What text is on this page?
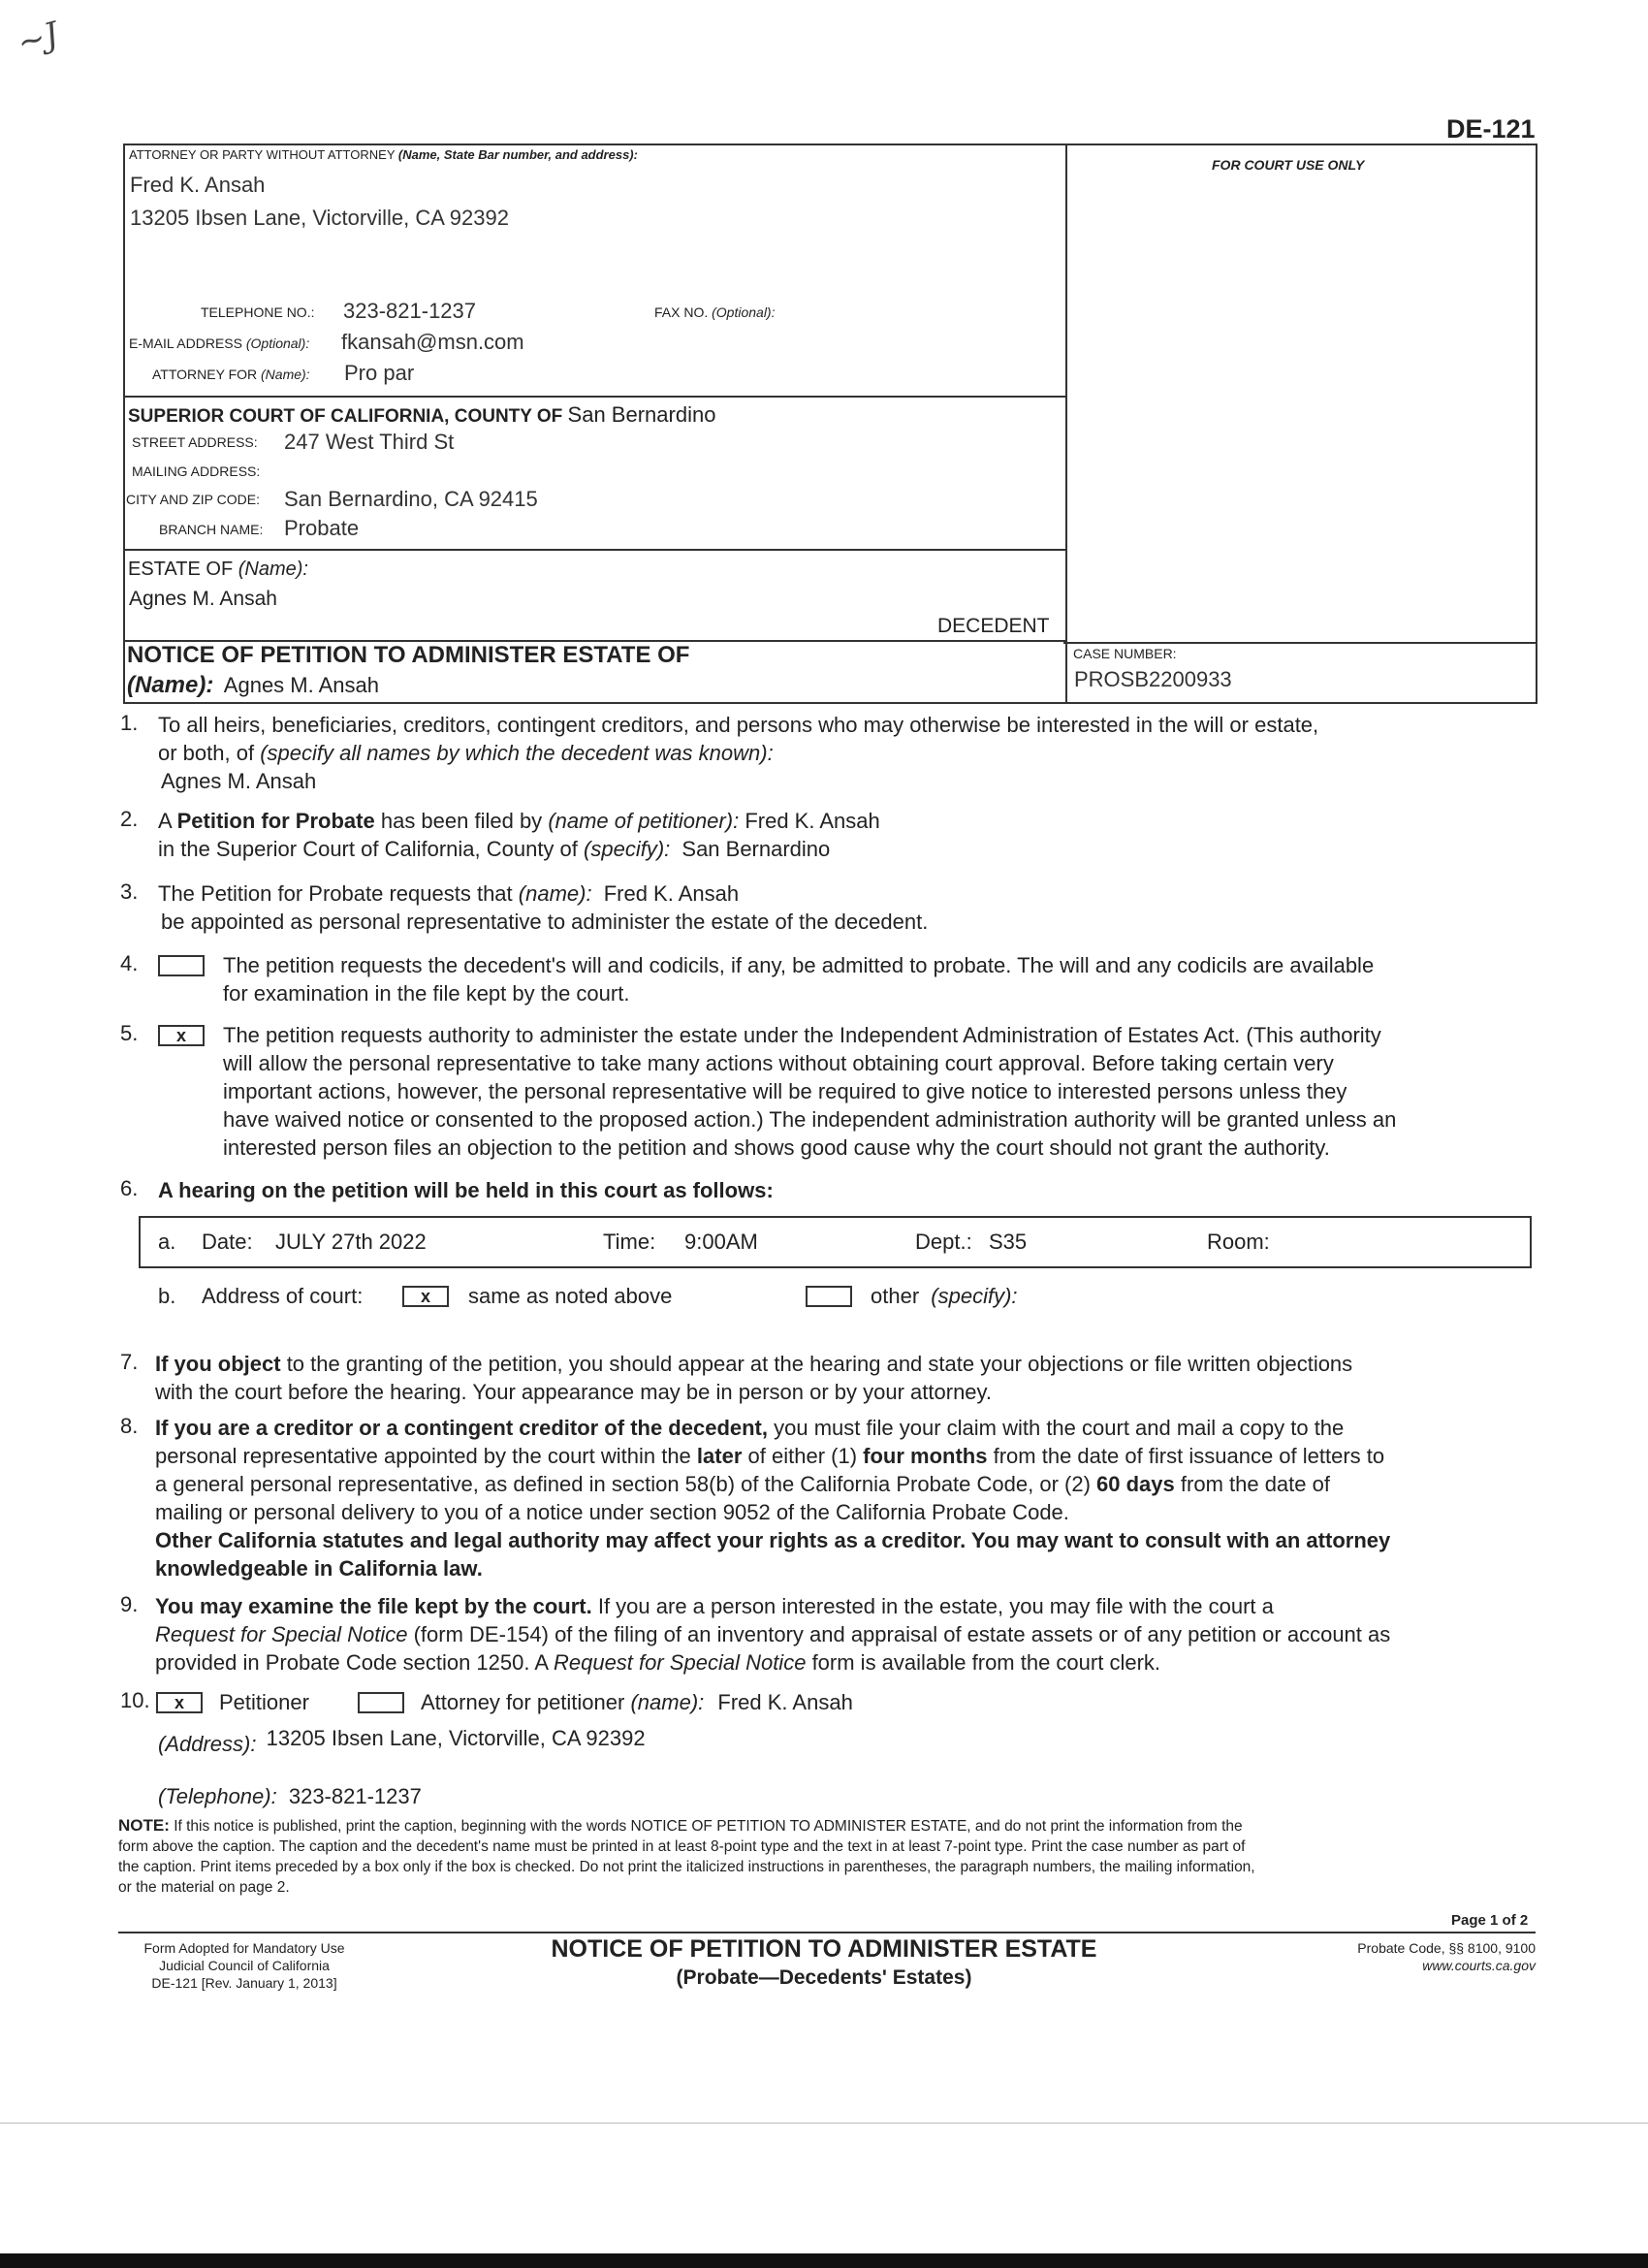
~J
DE-121
ATTORNEY OR PARTY WITHOUT ATTORNEY (Name, State Bar number, and address):
Fred K. Ansah
13205 Ibsen Lane, Victorville, CA 92392
TELEPHONE NO.: 323-821-1237	FAX NO. (Optional):
E-MAIL ADDRESS (Optional): fkansah@msn.com
ATTORNEY FOR (Name): Pro par
SUPERIOR COURT OF CALIFORNIA, COUNTY OF San Bernardino
STREET ADDRESS: 247 West Third St
MAILING ADDRESS:
CITY AND ZIP CODE: San Bernardino, CA 92415
BRANCH NAME: Probate
ESTATE OF (Name):
Agnes M. Ansah
DECEDENT
FOR COURT USE ONLY
NOTICE OF PETITION TO ADMINISTER ESTATE OF
(Name): Agnes M. Ansah
CASE NUMBER:
PROSB2200933
1. To all heirs, beneficiaries, creditors, contingent creditors, and persons who may otherwise be interested in the will or estate,
or both, of (specify all names by which the decedent was known):
Agnes M. Ansah
2. A Petition for Probate has been filed by (name of petitioner): Fred K. Ansah
in the Superior Court of California, County of (specify): San Bernardino
3. The Petition for Probate requests that (name): Fred K. Ansah
be appointed as personal representative to administer the estate of the decedent.
4.	The petition requests the decedent's will and codicils, if any, be admitted to probate. The will and any codicils are available
for examination in the file kept by the court.
5.	x	The petition requests authority to administer the estate under the Independent Administration of Estates Act. (This authority
will allow the personal representative to take many actions without obtaining court approval. Before taking certain very
important actions, however, the personal representative will be required to give notice to interested persons unless they
have waived notice or consented to the proposed action.) The independent administration authority will be granted unless an
interested person files an objection to the petition and shows good cause why the court should not grant the authority.
6. A hearing on the petition will be held in this court as follows:
a. Date: JULY 27th 2022	Time: 9:00AM	Dept.: S35	Room:
b. Address of court:	x	same as noted above	other (specify):
7. If you object to the granting of the petition, you should appear at the hearing and state your objections or file written objections
with the court before the hearing. Your appearance may be in person or by your attorney.
8. If you are a creditor or a contingent creditor of the decedent, you must file your claim with the court and mail a copy to the
personal representative appointed by the court within the later of either (1) four months from the date of first issuance of letters to
a general personal representative, as defined in section 58(b) of the California Probate Code, or (2) 60 days from the date of
mailing or personal delivery to you of a notice under section 9052 of the California Probate Code.
Other California statutes and legal authority may affect your rights as a creditor. You may want to consult with an attorney
knowledgeable in California law.
9. You may examine the file kept by the court. If you are a person interested in the estate, you may file with the court a
Request for Special Notice (form DE-154) of the filing of an inventory and appraisal of estate assets or of any petition or account as
provided in Probate Code section 1250. A Request for Special Notice form is available from the court clerk.
10.	x	Petitioner	Attorney for petitioner (name): Fred K. Ansah
(Address): 13205 Ibsen Lane, Victorville, CA 92392
(Telephone): 323-821-1237
NOTE: If this notice is published, print the caption, beginning with the words NOTICE OF PETITION TO ADMINISTER ESTATE, and do not print the information from the
form above the caption. The caption and the decedent's name must be printed in at least 8-point type and the text in at least 7-point type. Print the case number as part of
the caption. Print items preceded by a box only if the box is checked. Do not print the italicized instructions in parentheses, the paragraph numbers, the mailing information,
or the material on page 2.
Page 1 of 2
Form Adopted for Mandatory Use
Judicial Council of California
DE-121 [Rev. January 1, 2013]
NOTICE OF PETITION TO ADMINISTER ESTATE
(Probate—Decedents' Estates)
Probate Code, §§ 8100, 9100
www.courts.ca.gov
